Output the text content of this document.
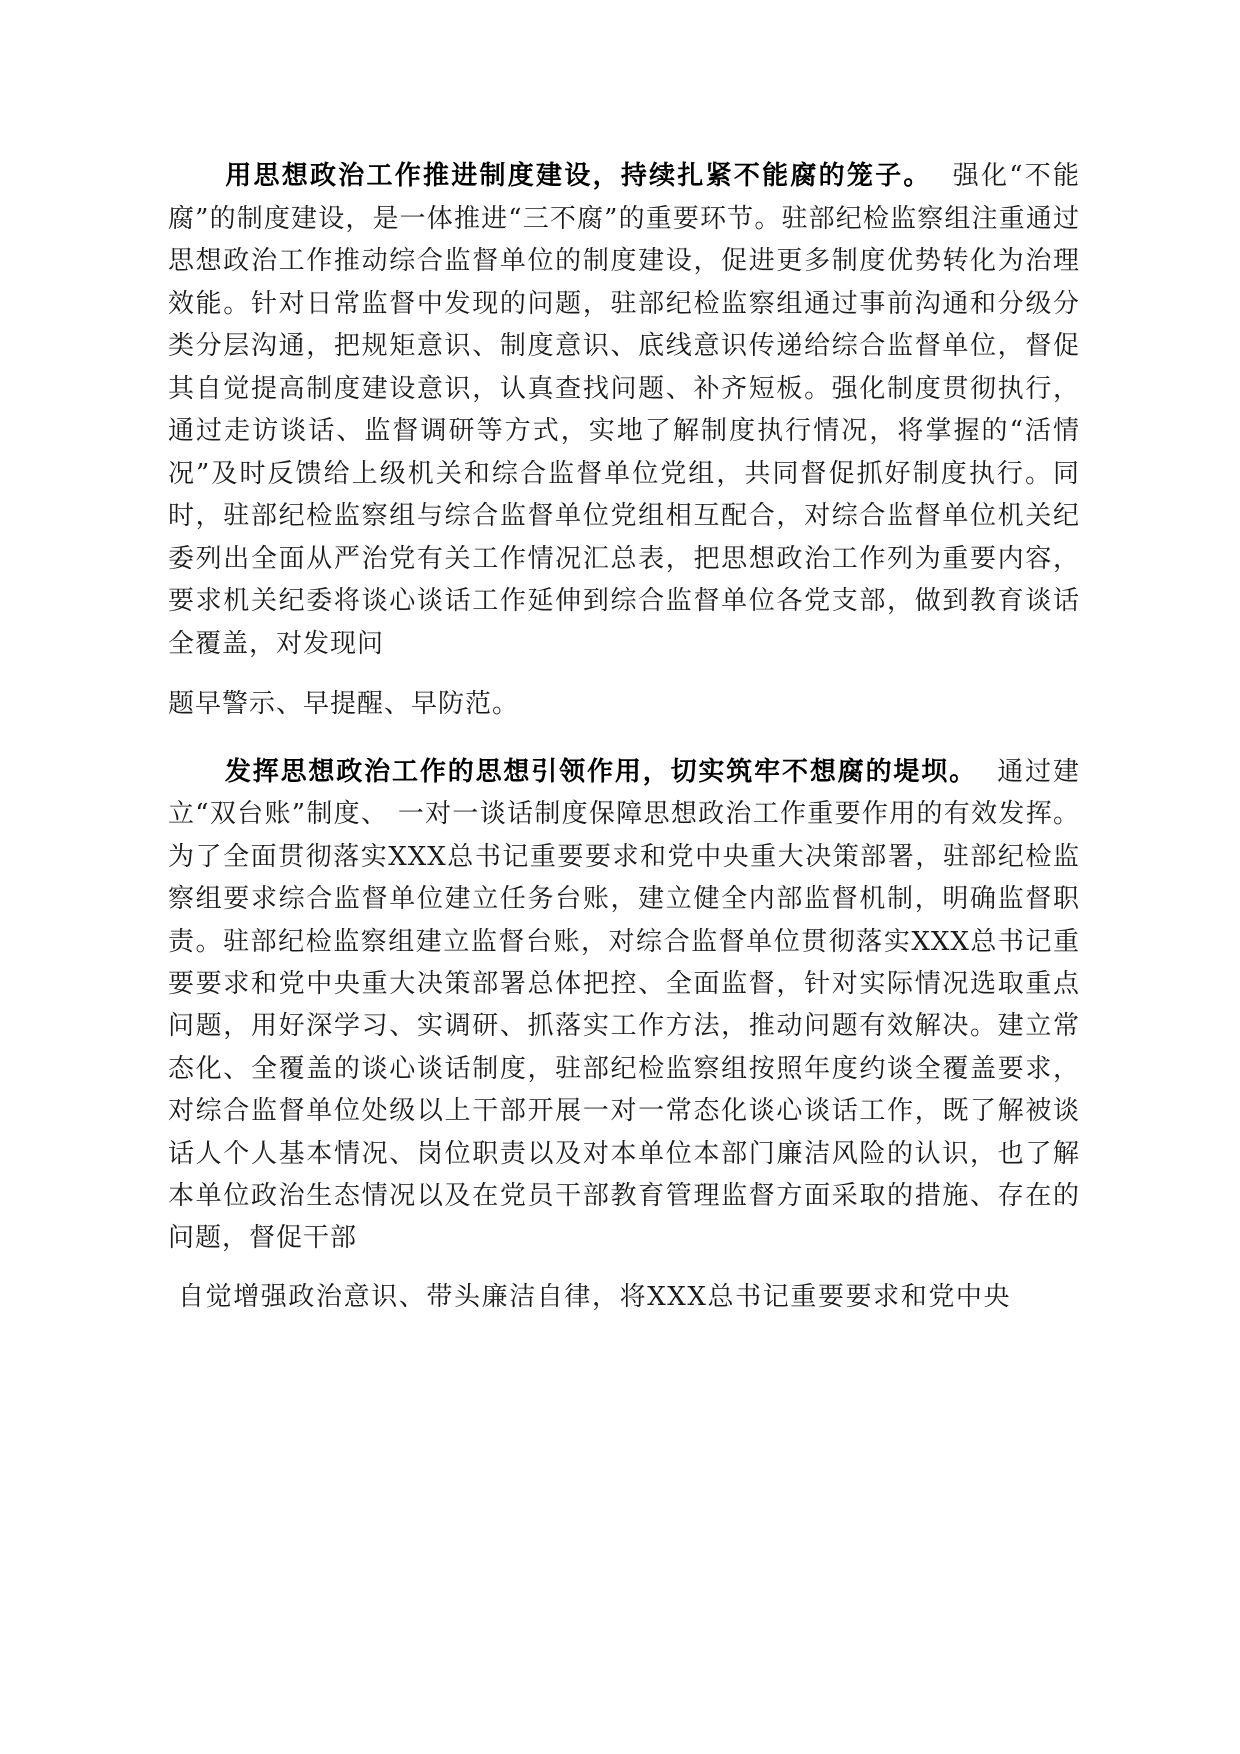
用思想政治工作推进制度建设，持续扎紧不能腐的笼子。 强化“不能腐”的制度建设，是一体推进“三不腐”的重要环节。驻部纪检监察组注重通过思想政治工作推动综合监督单位的制度建设，促进更多制度优势转化为治理效能。针对日常监督中发现的问题，驻部纪检监察组通过事前沟通和分级分类分层沟通，把规矩意识、制度意识、底线意识传递给综合监督单位，督促其自觉提高制度建设意识，认真查找问题、补齐短板。强化制度贯彻执行，通过走访谈话、监督调研等方式，实地了解制度执行情况，将掌握的“活情况”及时反馈给上级机关和综合监督单位党组，共同督促抓好制度执行。同时，驻部纪检监察组与综合监督单位党组相互配合，对综合监督单位机关纪委列出全面从严治党有关工作情况汇总表，把思想政治工作列为重要内容，要求机关纪委将谈心谈话工作延伸到综合监督单位各党支部，做到教育谈话全覆盖，对发现问
题早警示、早提醒、早防范。
发挥思想政治工作的思想引领作用，切实筑牢不想腐的堤坝。 通过建立“双台账”制度、 一对一谈话制度保障思想政治工作重要作用的有效发挥。为了全面贯彻落实XXX总书记重要要求和党中央重大决策部署，驻部纪检监察组要求综合监督单位建立任务台账，建立健全内部监督机制，明确监督职责。驻部纪检监察组建立监督台账，对综合监督单位贯彻落实XXX总书记重要要求和党中央重大决策部署总体把控、全面监督，针对实际情况选取重点问题，用好深学习、实调研、抓落实工作方法，推动问题有效解决。建立常态化、全覆盖的谈心谈话制度，驻部纪检监察组按照年度约谈全覆盖要求，对综合监督单位处级以上干部开展一对一常态化谈心谈话工作，既了解被谈话人个人基本情况、岗位职责以及对本单位本部门廉洁风险的认识，也了解本单位政治生态情况以及在党员干部教育管理监督方面采取的措施、存在的问题，督促干部
自觉增强政治意识、带头廉洁自律，将XXX总书记重要要求和党中央
